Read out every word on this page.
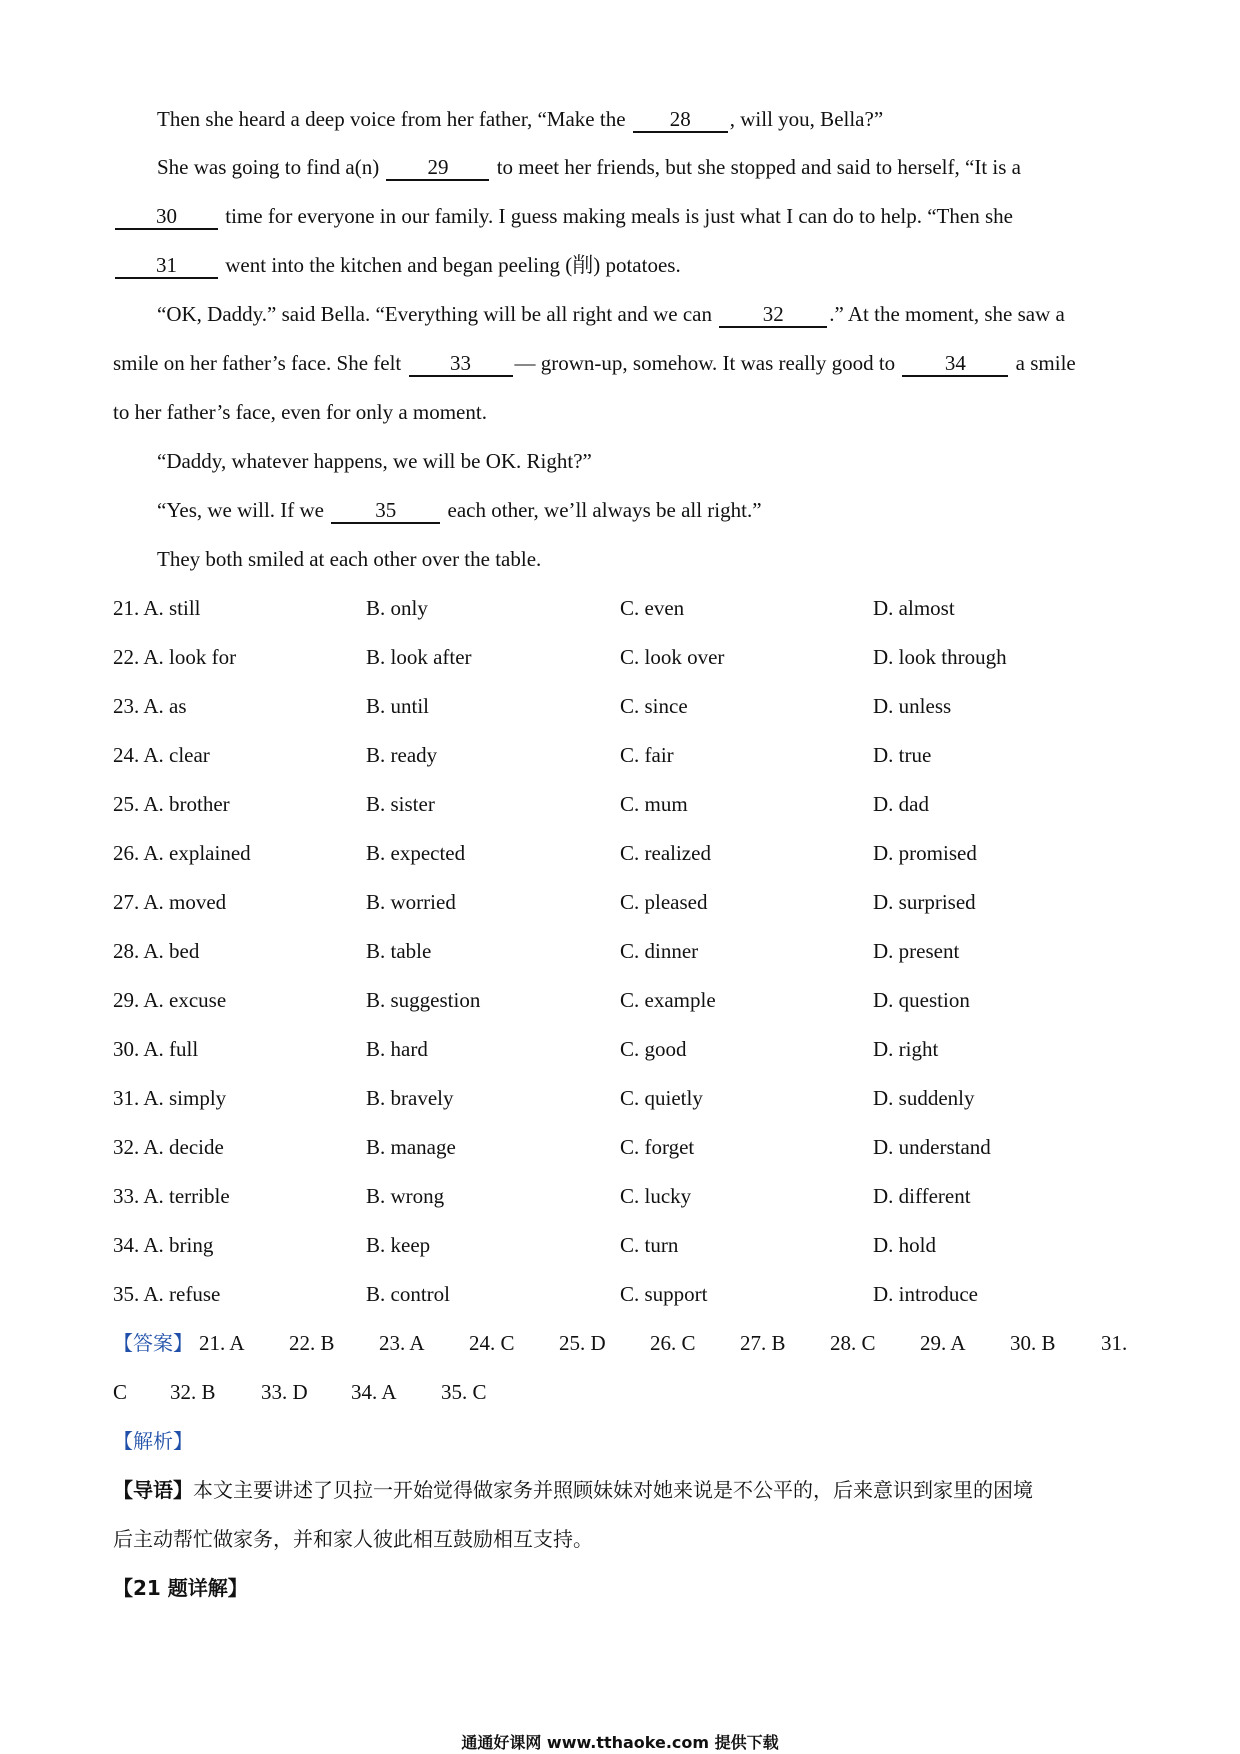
Then she heard a deep voice from her father, “Make the 28 , will you, Bella?”
She was going to find a(n) 29 to meet her friends, but she stopped and said to herself, “It is a
30 time for everyone in our family. I guess making meals is just what I can do to help. “Then she
31 went into the kitchen and began peeling (削) potatoes.
“OK, Daddy.” said Bella. “Everything will be all right and we can 32 .” At the moment, she saw a
smile on her father’s face. She felt 33 — grown-up, somehow. It was really good to 34 a smile
to her father’s face, even for only a moment.
“Daddy, whatever happens, we will be OK. Right?”
“Yes, we will. If we 35 each other, we’ll always be all right.”
They both smiled at each other over the table.
21. A. still	B. only	C. even	D. almost
22. A. look for	B. look after	C. look over	D. look through
23. A. as	B. until	C. since	D. unless
24. A. clear	B. ready	C. fair	D. true
25. A. brother	B. sister	C. mum	D. dad
26. A. explained	B. expected	C. realized	D. promised
27. A. moved	B. worried	C. pleased	D. surprised
28. A. bed	B. table	C. dinner	D. present
29. A. excuse	B. suggestion	C. example	D. question
30. A. full	B. hard	C. good	D. right
31. A. simply	B. bravely	C. quietly	D. suddenly
32. A. decide	B. manage	C. forget	D. understand
33. A. terrible	B. wrong	C. lucky	D. different
34. A. bring	B. keep	C. turn	D. hold
35. A. refuse	B. control	C. support	D. introduce
【答案】 21. A 22. B 23. A 24. C 25. D 26. C 27. B 28. C 29. A 30. B 31.
C 32. B 33. D 34. A 35. C
【解析】
【导语】本文主要讲述了贝拉一开始觉得做家务并照顾妹妹对她来说是不公平的，后来意识到家里的困境
后主动帮忙做家务，并和家人彼此相互鼓励相互支持。
【21 题详解】
通通好课网 www.tthaoke.com 提供下载
